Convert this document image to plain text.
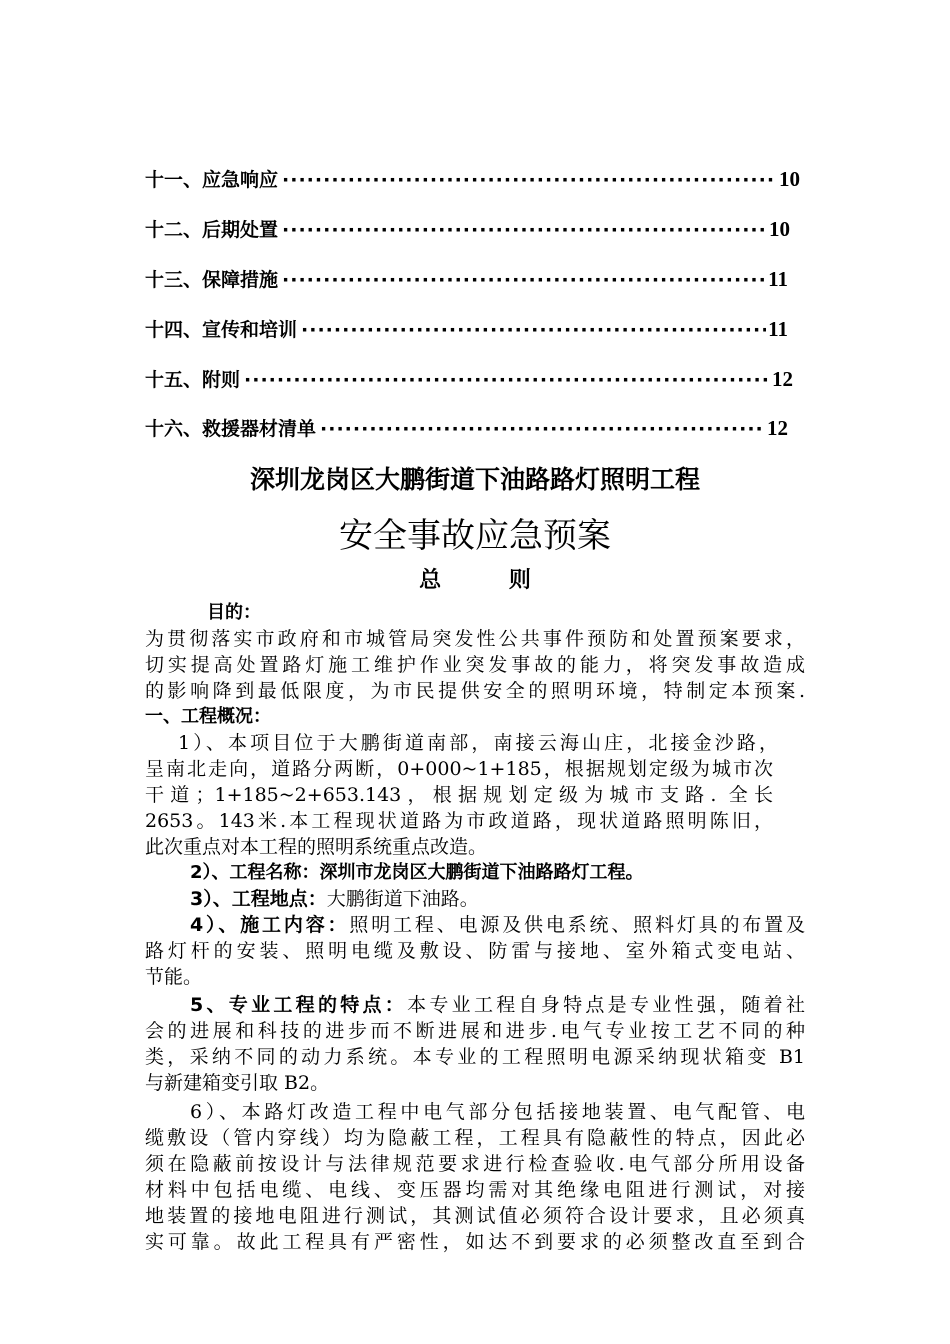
十一、应急响应 ·····	10
十二、后期处置 ·····	10
十三、保障措施 ·····	11
十四、宣传和培训 ·····	11
十五、附则 ·····	12
十六、救援器材清单 ·····	12
深圳龙岗区大鹏街道下油路路灯照明工程
安全事故应急预案
总 则
目的：
为贯彻落实市政府和市城管局突发性公共事件预防和处置预案要求，
切实提高处置路灯施工维护作业突发事故的能力，将突发事故造成
的影响降到最低限度，为市民提供安全的照明环境，特制定本预案.
一、工程概况：
1）、本项目位于大鹏街道南部，南接云海山庄，北接金沙路，
呈南北走向，道路分两断，0+000~1+185，根据规划定级为城市次
干道；1+185~2+653.143，根据规划定级为城市支路. 全长
2653。143米.本工程现状道路为市政道路，现状道路照明陈旧，
此次重点对本工程的照明系统重点改造。
2）、工程名称：深圳市龙岗区大鹏街道下油路路灯工程。
3）、工程地点：大鹏街道下油路。
4）、施工内容：照明工程、电源及供电系统、照料灯具的布置及
路灯杆的安装、照明电缆及敷设、防雷与接地、室外箱式变电站、
节能。
5、专业工程的特点：本专业工程自身特点是专业性强，随着社
会的进展和科技的进步而不断进展和进步.电气专业按工艺不同的种
类，采纳不同的动力系统。本专业的工程照明电源采纳现状箱变 B1
与新建箱变引取 B2。
6）、本路灯改造工程中电气部分包括接地装置、电气配管、电
缆敷设（管内穿线）均为隐蔽工程，工程具有隐蔽性的特点，因此必
须在隐蔽前按设计与法律规范要求进行检查验收.电气部分所用设备
材料中包括电缆、电线、变压器均需对其绝缘电阻进行测试，对接
地装置的接地电阻进行测试，其测试值必须符合设计要求，且必须真
实可靠。故此工程具有严密性，如达不到要求的必须整改直至到合
